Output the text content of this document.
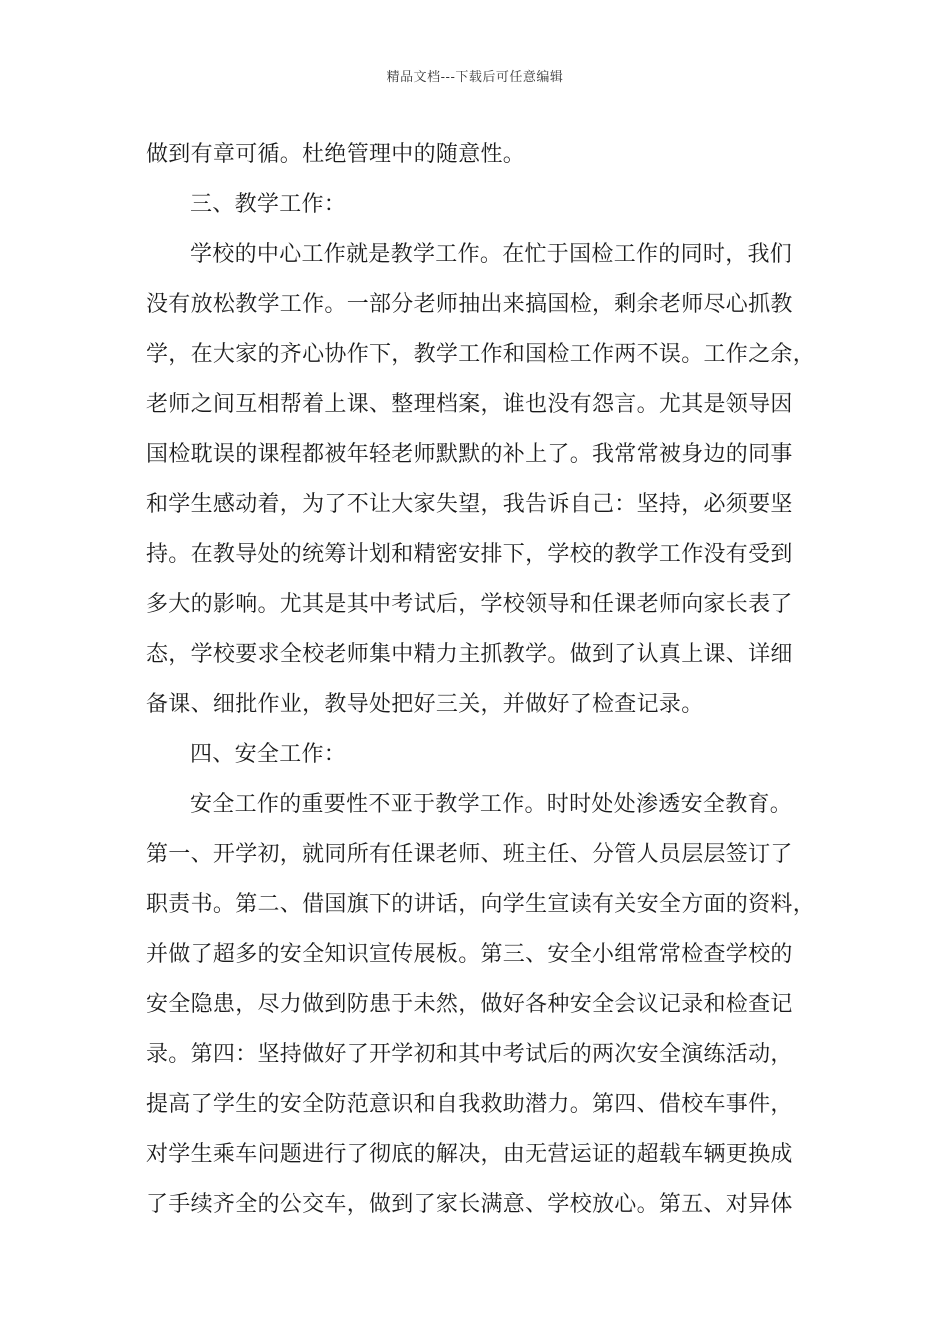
精品文档---下载后可任意编辑
做到有章可循。杜绝管理中的随意性。
三、教学工作：
学校的中心工作就是教学工作。在忙于国检工作的同时，我们
没有放松教学工作。一部分老师抽出来搞国检，剩余老师尽心抓教
学，在大家的齐心协作下，教学工作和国检工作两不误。工作之余，
老师之间互相帮着上课、整理档案，谁也没有怨言。尤其是领导因
国检耽误的课程都被年轻老师默默的补上了。我常常被身边的同事
和学生感动着，为了不让大家失望，我告诉自己：坚持，必须要坚
持。在教导处的统筹计划和精密安排下，学校的教学工作没有受到
多大的影响。尤其是其中考试后，学校领导和任课老师向家长表了
态，学校要求全校老师集中精力主抓教学。做到了认真上课、详细
备课、细批作业，教导处把好三关，并做好了检查记录。
四、安全工作：
安全工作的重要性不亚于教学工作。时时处处渗透安全教育。
第一、开学初，就同所有任课老师、班主任、分管人员层层签订了
职责书。第二、借国旗下的讲话，向学生宣读有关安全方面的资料，
并做了超多的安全知识宣传展板。第三、安全小组常常检查学校的
安全隐患，尽力做到防患于未然，做好各种安全会议记录和检查记
录。第四：坚持做好了开学初和其中考试后的两次安全演练活动，
提高了学生的安全防范意识和自我救助潜力。第四、借校车事件，
对学生乘车问题进行了彻底的解决，由无营运证的超载车辆更换成
了手续齐全的公交车，做到了家长满意、学校放心。第五、对异体
